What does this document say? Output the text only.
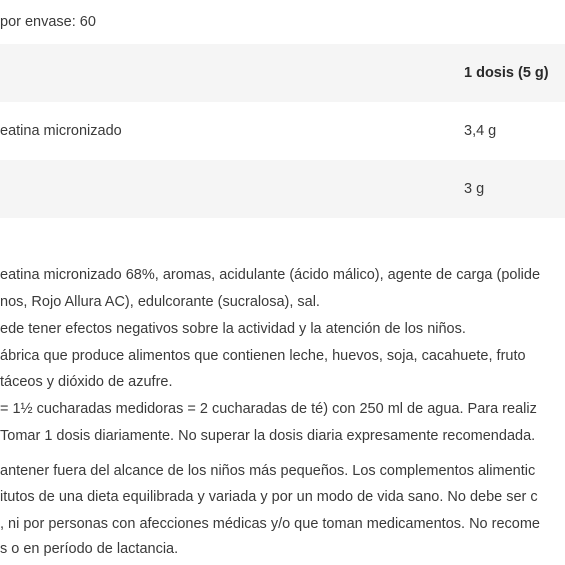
por envase: 60
1 dosis (5 g)
eatina micronizado	3,4 g
3 g
eatina micronizado 68%, aromas, acidulante (ácido málico), agente de carga (polide
nos, Rojo Allura AC), edulcorante (sucralosa), sal.
ede tener efectos negativos sobre la actividad y la atención de los niños.
ábrica que produce alimentos que contienen leche, huevos, soja, cacahuete, fruto
táceos y dióxido de azufre.
= 1½ cucharadas medidoras = 2 cucharadas de té) con 250 ml de agua. Para realiz
Tomar 1 dosis diariamente. No superar la dosis diaria expresamente recomendada.
antener fuera del alcance de los niños más pequeños. Los complementos alimentic
itutos de una dieta equilibrada y variada y por un modo de vida sano. No debe ser c
, ni por personas con afecciones médicas y/o que toman medicamentos. No recome
s o en período de lactancia.
